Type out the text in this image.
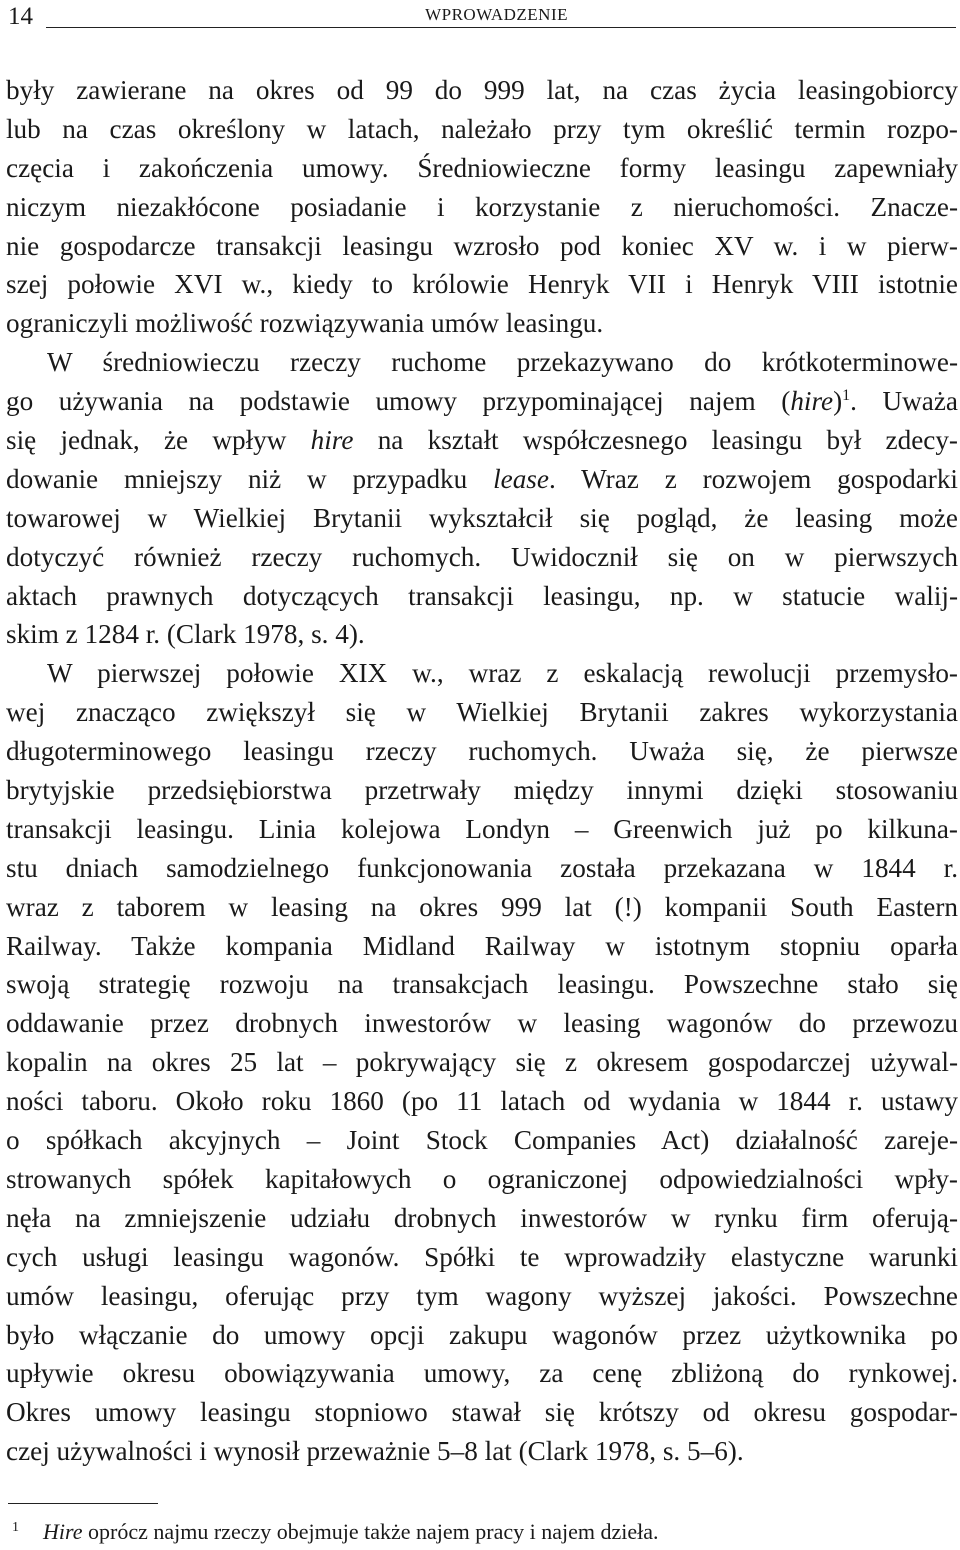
14	WPROWADZENIE
były zawierane na okres od 99 do 999 lat, na czas życia leasingobiorcy
lub na czas określony w latach, należało przy tym określić termin rozpo-
częcia i zakończenia umowy. Średniowieczne formy leasingu zapewniały
niczym niezakłócone posiadanie i korzystanie z nieruchomości. Znacze-
nie gospodarcze transakcji leasingu wzrosło pod koniec XV w. i w pierw-
szej połowie XVI w., kiedy to królowie Henryk VII i Henryk VIII istotnie
ograniczyli możliwość rozwiązywania umów leasingu.
W średniowieczu rzeczy ruchome przekazywano do krótkoterminowe-
go używania na podstawie umowy przypominającej najem (hire)$^1$. Uważa
się jednak, że wpływ hire na kształt współczesnego leasingu był zdecy-
dowanie mniejszy niż w przypadku lease. Wraz z rozwojem gospodarki
towarowej w Wielkiej Brytanii wykształcił się pogląd, że leasing może
dotyczyć również rzeczy ruchomych. Uwidocznił się on w pierwszych
aktach prawnych dotyczących transakcji leasingu, np. w statucie walij-
skim z 1284 r. (Clark 1978, s. 4).
W pierwszej połowie XIX w., wraz z eskalacją rewolucji przemysło-
wej znacząco zwiększył się w Wielkiej Brytanii zakres wykorzystania
długoterminowego leasingu rzeczy ruchomych. Uważa się, że pierwsze
brytyjskie przedsiębiorstwa przetrwały między innymi dzięki stosowaniu
transakcji leasingu. Linia kolejowa Londyn – Greenwich już po kilkuna-
stu dniach samodzielnego funkcjonowania została przekazana w 1844 r.
wraz z taborem w leasing na okres 999 lat (!) kompanii South Eastern
Railway. Także kompania Midland Railway w istotnym stopniu oparła
swoją strategię rozwoju na transakcjach leasingu. Powszechne stało się
oddawanie przez drobnych inwestorów w leasing wagonów do przewozu
kopalin na okres 25 lat – pokrywający się z okresem gospodarczej używal-
ności taboru. Około roku 1860 (po 11 latach od wydania w 1844 r. ustawy
o spółkach akcyjnych – Joint Stock Companies Act) działalność zareje-
strowanych spółek kapitałowych o ograniczonej odpowiedzialności wpły-
nęła na zmniejszenie udziału drobnych inwestorów w rynku firm oferują-
cych usługi leasingu wagonów. Spółki te wprowadziły elastyczne warunki
umów leasingu, oferując przy tym wagony wyższej jakości. Powszechne
było włączanie do umowy opcji zakupu wagonów przez użytkownika po
upływie okresu obowiązywania umowy, za cenę zbliżoną do rynkowej.
Okres umowy leasingu stopniowo stawał się krótszy od okresu gospodar-
czej używalności i wynosił przeważnie 5–8 lat (Clark 1978, s. 5–6).
$^1$ Hire oprócz najmu rzeczy obejmuje także najem pracy i najem dzieła.
